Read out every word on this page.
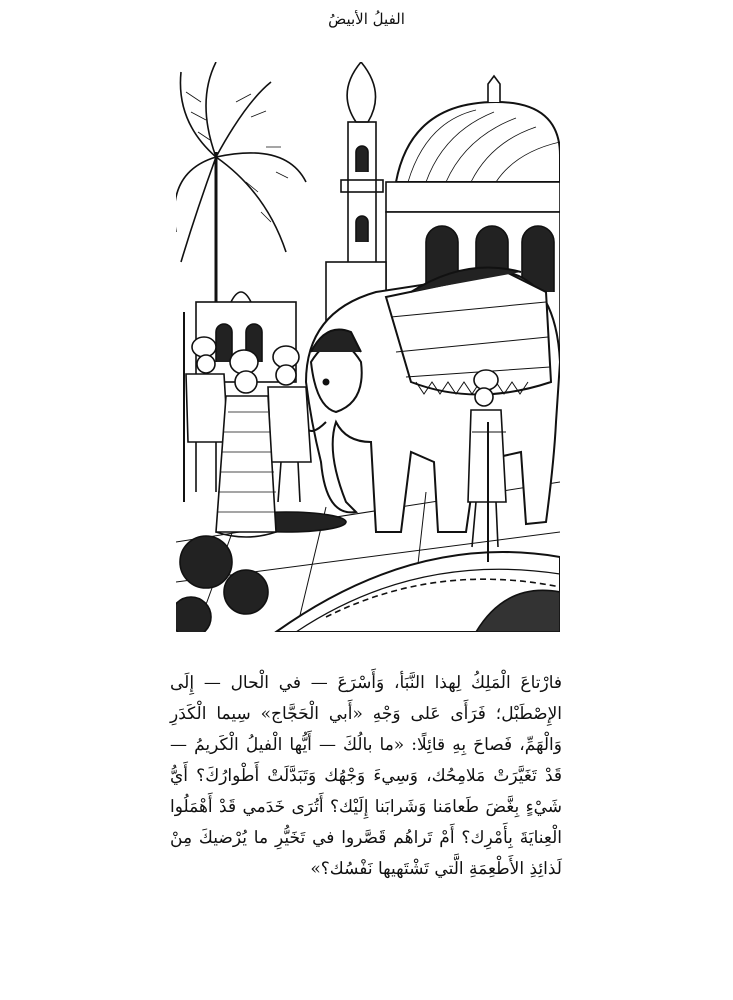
الفيلُ الأبيضُ

فارْتاعَ الْمَلِكُ لِهذا النَّبَأ، وَأَسْرَعَ — في الْحال — إِلَى الإِصْطَبْل؛ فَرَأَى عَلى وَجْهِ «أَبي الْحَجَّاج» سِيما الْكَدَرِ وَالْهَمِّ، فَصاحَ بِهِ قائِلًا: «ما بالُكَ — أَيُّها الْفيلُ الْكَريمُ — قَدْ تَغَيَّرَتْ مَلامِحُك، وَسِيءَ وَجْهُك وَتَبَدَّلَتْ أَطْوارُكَ؟ أَيُّ شَيْءٍ بِغَّضَ طَعامَنا وَشَرابَنا إِلَيْك؟ أَتُرَى خَدَمي قَدْ أَهْمَلُوا الْعِنايَةَ بِأَمْرِك؟ أَمْ تَراهُم قَصَّروا في تَخَيُّرِ ما يُرْضيكَ مِنْ لَذائِذِ الأَطْعِمَةِ الَّتي تَشْتَهيها نَفْسُك؟»
